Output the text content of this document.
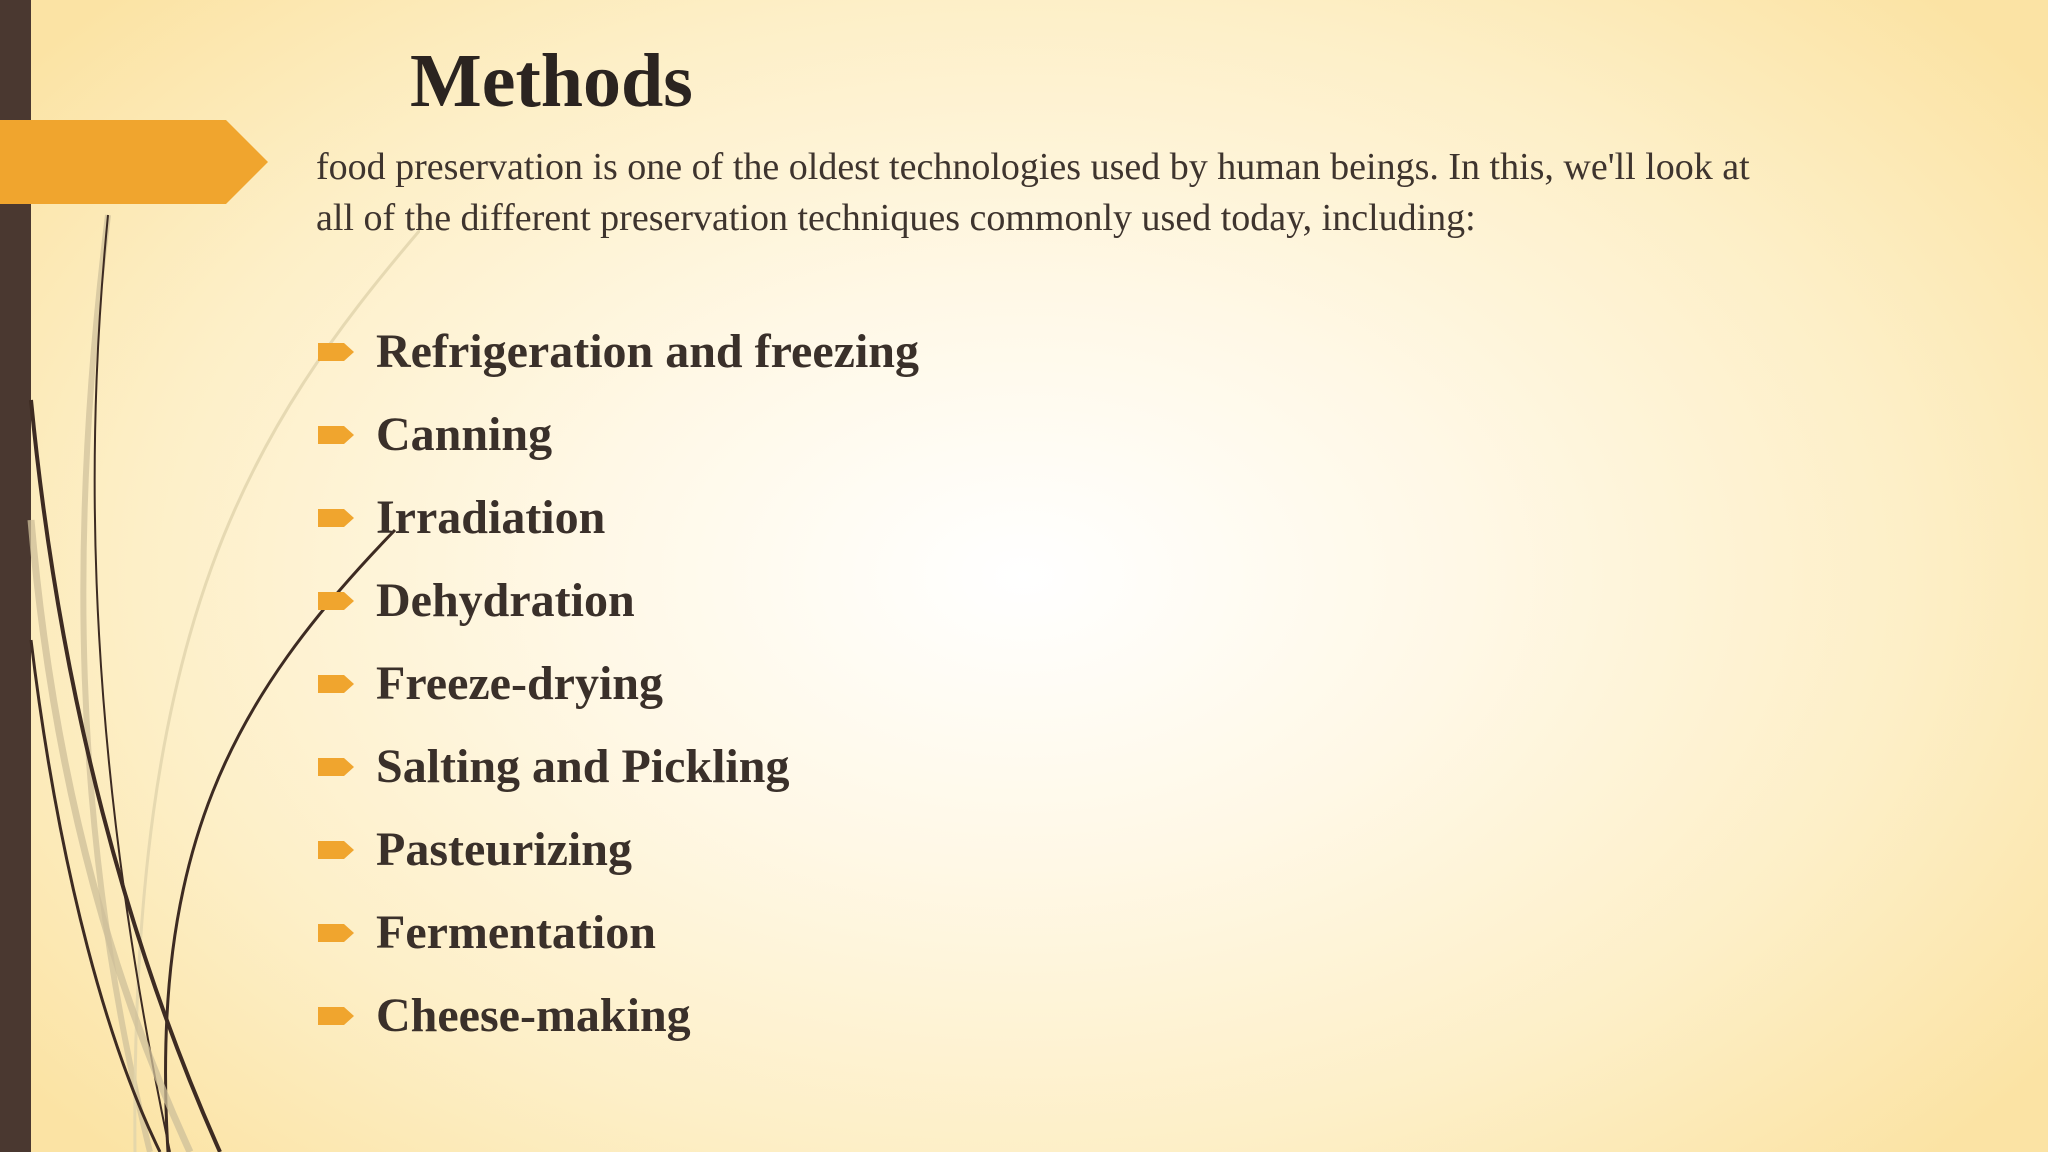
Methods

food preservation is one of the oldest technologies used by human beings. In this, we'll look at all of the different preservation techniques commonly used today, including:

Refrigeration and freezing
Canning
Irradiation
Dehydration
Freeze-drying
Salting and Pickling
Pasteurizing
Fermentation
Cheese-making
